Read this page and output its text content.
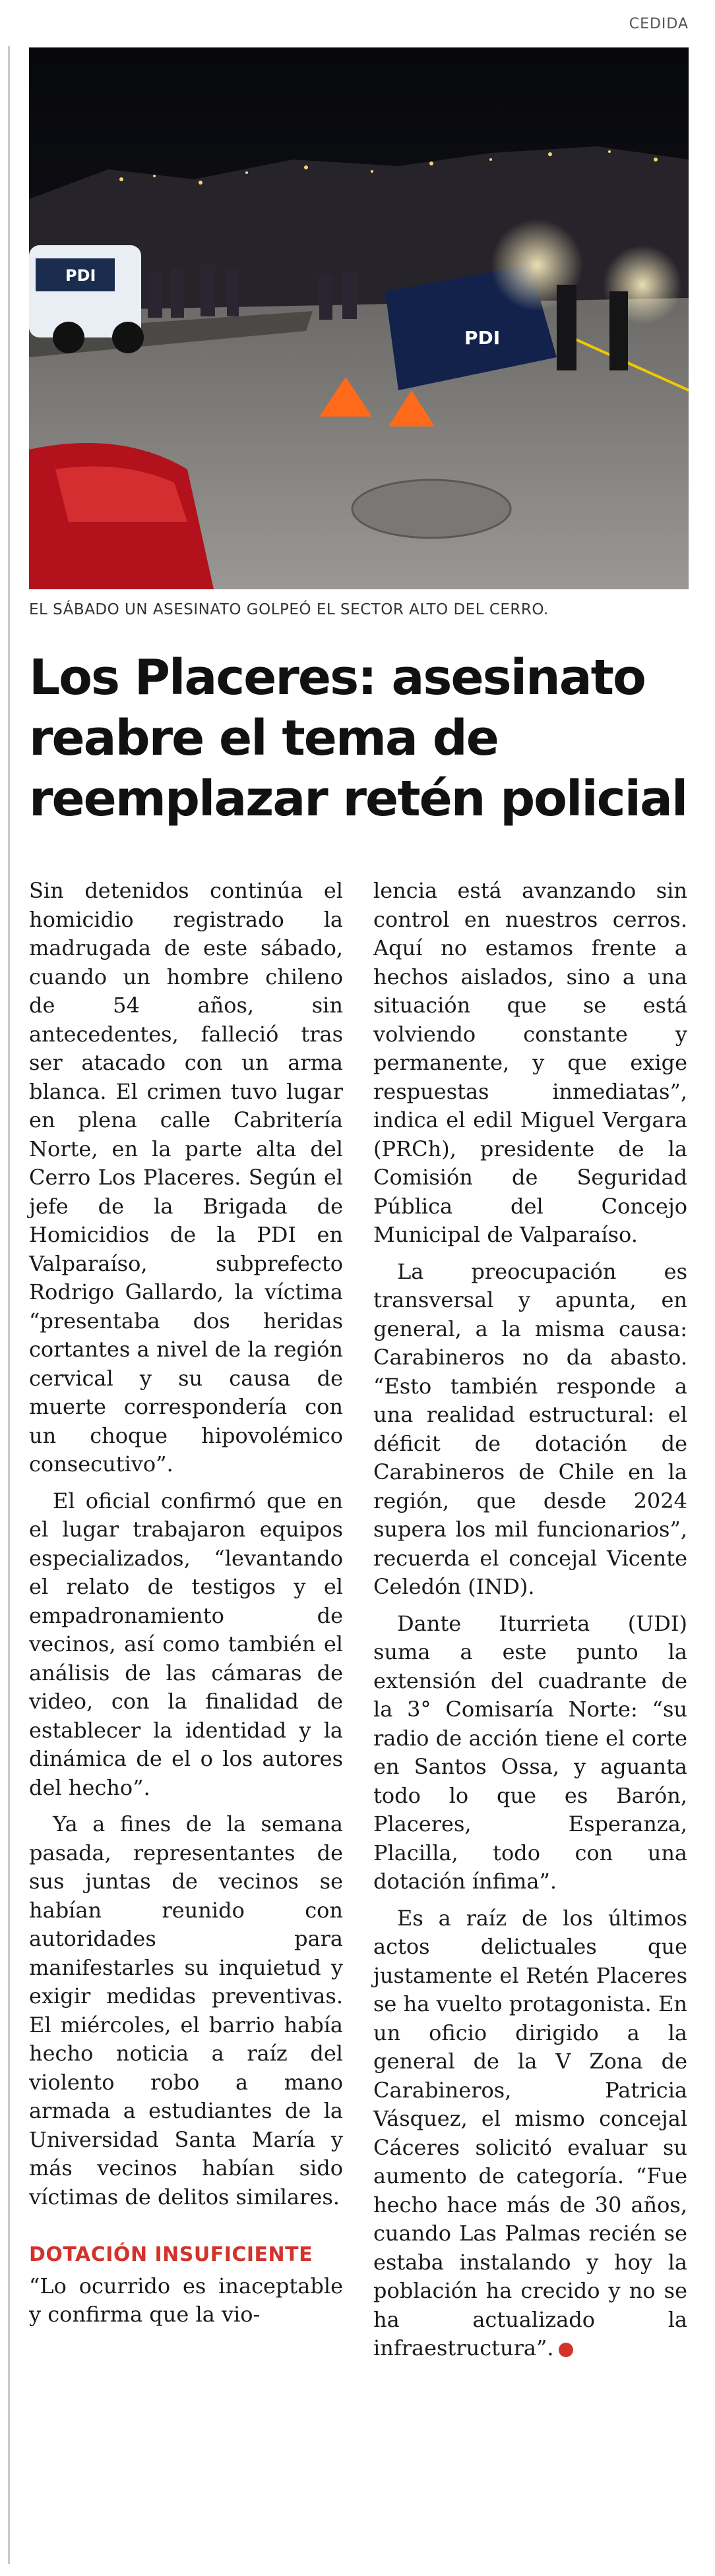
CEDIDA
PDI
PDI
EL SÁBADO UN ASESINATO GOLPEÓ EL SECTOR ALTO DEL CERRO.
Los Placeres: asesinato reabre el tema de reemplazar retén policial

Sin detenidos continúa el homicidio registrado la madrugada de este sábado, cuando un hombre chileno de 54 años, sin antecedentes, falleció tras ser atacado con un arma blanca. El crimen tuvo lugar en plena calle Cabritería Norte, en la parte alta del Cerro Los Placeres. Según el jefe de la Brigada de Homicidios de la PDI en Valparaíso, subprefecto Rodrigo Gallardo, la víctima “presentaba dos heridas cortantes a nivel de la región cervical y su causa de muerte correspondería con un choque hipovolémico consecutivo”.

El oficial confirmó que en el lugar trabajaron equipos especializados, “levantando el relato de testigos y el empadronamiento de vecinos, así como también el análisis de las cámaras de video, con la finalidad de establecer la identidad y la dinámica de el o los autores del hecho”.

Ya a fines de la semana pasada, representantes de sus juntas de vecinos se habían reunido con autoridades para manifestarles su inquietud y exigir medidas preventivas. El miércoles, el barrio había hecho noticia a raíz del violento robo a mano armada a estudiantes de la Universidad Santa María y más vecinos habían sido víctimas de delitos similares.

DOTACIÓN INSUFICIENTE

“Lo ocurrido es inaceptable y confirma que la vio-

lencia está avanzando sin control en nuestros cerros. Aquí no estamos frente a hechos aislados, sino a una situación que se está volviendo constante y permanente, y que exige respuestas inmediatas”, indica el edil Miguel Vergara (PRCh), presidente de la Comisión de Seguridad Pública del Concejo Municipal de Valparaíso.

La preocupación es transversal y apunta, en general, a la misma causa: Carabineros no da abasto. “Esto también responde a una realidad estructural: el déficit de dotación de Carabineros de Chile en la región, que desde 2024 supera los mil funcionarios”, recuerda el concejal Vicente Celedón (IND).

Dante Iturrieta (UDI) suma a este punto la extensión del cuadrante de la 3° Comisaría Norte: “su radio de acción tiene el corte en Santos Ossa, y aguanta todo lo que es Barón, Placeres, Esperanza, Placilla, todo con una dotación ínfima”.

Es a raíz de los últimos actos delictuales que justamente el Retén Placeres se ha vuelto protagonista. En un oficio dirigido a la general de la V Zona de Carabineros, Patricia Vásquez, el mismo concejal Cáceres solicitó evaluar su aumento de categoría. “Fue hecho hace más de 30 años, cuando Las Palmas recién se estaba instalando y hoy la población ha crecido y no se ha actualizado la infraestructura”.	✚
